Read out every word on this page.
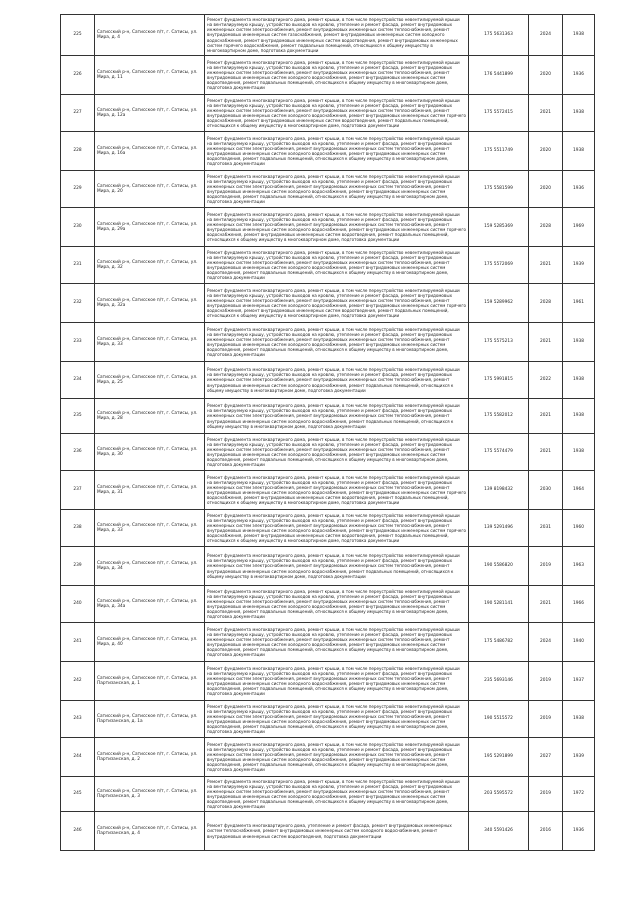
225	Сатисский р-н, Сатисское п/т, г. Сатисы, ул. Мира, д. 4	Ремонт фундамента многоквартирного дома, ремонт крыши, в том числе переустройство невентилируемой крыши на вентилируемую крышу, устройство выходов на кровлю, утепление и ремонт фасада, ремонт внутридомовых инженерных систем электроснабжения, ремонт внутридомовых инженерных систем теплоснабжения, ремонт внутридомовых инженерных систем газоснабжения, ремонт внутридомовых инженерных систем холодного водоснабжения, ремонт внутридомовых инженерных систем водоотведения, ремонт внутридомовых инженерных систем горячего водоснабжения, ремонт подвальных помещений, относящихся к общему имуществу в многоквартирном доме, подготовка документации	175 5631363	2024	1938
226	Сатисский р-н, Сатисское п/т, г. Сатисы, ул. Мира, д. 11	Ремонт фундамента многоквартирного дома, ремонт крыши, в том числе переустройство невентилируемой крыши на вентилируемую крышу, устройство выходов на кровлю, утепление и ремонт фасада, ремонт внутридомовых инженерных систем электроснабжения, ремонт внутридомовых инженерных систем теплоснабжения, ремонт внутридомовых инженерных систем холодного водоснабжения, ремонт внутридомовых инженерных систем водоотведения, ремонт подвальных помещений, относящихся к общему имуществу в многоквартирном доме, подготовка документации	176 5441899	2020	1936
227	Сатисский р-н, Сатисское п/т, г. Сатисы, ул. Мира, д. 12а	Ремонт фундамента многоквартирного дома, ремонт крыши, в том числе переустройство невентилируемой крыши на вентилируемую крышу, устройство выходов на кровлю, утепление и ремонт фасада, ремонт внутридомовых инженерных систем электроснабжения, ремонт внутридомовых инженерных систем теплоснабжения, ремонт внутридомовых инженерных систем холодного водоснабжения, ремонт внутридомовых инженерных систем горячего водоснабжения, ремонт внутридомовых инженерных систем водоотведения, ремонт подвальных помещений, относящихся к общему имуществу в многоквартирном доме, подготовка документации	175 5572415	2021	1938
228	Сатисский р-н, Сатисское п/т, г. Сатисы, ул. Мира, д. 16а	Ремонт фундамента многоквартирного дома, ремонт крыши, в том числе переустройство невентилируемой крыши на вентилируемую крышу, устройство выходов на кровлю, утепление и ремонт фасада, ремонт внутридомовых инженерных систем электроснабжения, ремонт внутридомовых инженерных систем теплоснабжения, ремонт внутридомовых инженерных систем холодного водоснабжения, ремонт внутридомовых инженерных систем водоотведения, ремонт подвальных помещений, относящихся к общему имуществу в многоквартирном доме, подготовка документации	175 5511749	2020	1938
229	Сатисский р-н, Сатисское п/т, г. Сатисы, ул. Мира, д. 20	Ремонт фундамента многоквартирного дома, ремонт крыши, в том числе переустройство невентилируемой крыши на вентилируемую крышу, устройство выходов на кровлю, утепление и ремонт фасада, ремонт внутридомовых инженерных систем электроснабжения, ремонт внутридомовых инженерных систем теплоснабжения, ремонт внутридомовых инженерных систем холодного водоснабжения, ремонт внутридомовых инженерных систем водоотведения, ремонт подвальных помещений, относящихся к общему имуществу в многоквартирном доме, подготовка документации	175 5581599	2020	1936
230	Сатисский р-н, Сатисское п/т, г. Сатисы, ул. Мира, д. 29а	Ремонт фундамента многоквартирного дома, ремонт крыши, в том числе переустройство невентилируемой крыши на вентилируемую крышу, устройство выходов на кровлю, утепление и ремонт фасада, ремонт внутридомовых инженерных систем электроснабжения, ремонт внутридомовых инженерных систем теплоснабжения, ремонт внутридомовых инженерных систем холодного водоснабжения, ремонт внутридомовых инженерных систем горячего водоснабжения, ремонт внутридомовых инженерных систем водоотведения, ремонт подвальных помещений, относящихся к общему имуществу в многоквартирном доме, подготовка документации	159 5285369	2028	1969
231	Сатисский р-н, Сатисское п/т, г. Сатисы, ул. Мира, д. 32	Ремонт фундамента многоквартирного дома, ремонт крыши, в том числе переустройство невентилируемой крыши на вентилируемую крышу, устройство выходов на кровлю, утепление и ремонт фасада, ремонт внутридомовых инженерных систем электроснабжения, ремонт внутридомовых инженерных систем теплоснабжения, ремонт внутридомовых инженерных систем холодного водоснабжения, ремонт внутридомовых инженерных систем водоотведения, ремонт подвальных помещений, относящихся к общему имуществу в многоквартирном доме, подготовка документации	175 5572069	2021	1939
232	Сатисский р-н, Сатисское п/т, г. Сатисы, ул. Мира, д. 32а	Ремонт фундамента многоквартирного дома, ремонт крыши, в том числе переустройство невентилируемой крыши на вентилируемую крышу, устройство выходов на кровлю, утепление и ремонт фасада, ремонт внутридомовых инженерных систем электроснабжения, ремонт внутридомовых инженерных систем теплоснабжения, ремонт внутридомовых инженерных систем холодного водоснабжения, ремонт внутридомовых инженерных систем горячего водоснабжения, ремонт внутридомовых инженерных систем водоотведения, ремонт подвальных помещений, относящихся к общему имуществу в многоквартирном доме, подготовка документации	159 5289962	2028	1961
233	Сатисский р-н, Сатисское п/т, г. Сатисы, ул. Мира, д. 33	Ремонт фундамента многоквартирного дома, ремонт крыши, в том числе переустройство невентилируемой крыши на вентилируемую крышу, устройство выходов на кровлю, утепление и ремонт фасада, ремонт внутридомовых инженерных систем электроснабжения, ремонт внутридомовых инженерных систем теплоснабжения, ремонт внутридомовых инженерных систем холодного водоснабжения, ремонт внутридомовых инженерных систем водоотведения, ремонт подвальных помещений, относящихся к общему имуществу в многоквартирном доме, подготовка документации	175 5575213	2021	1938
234	Сатисский р-н, Сатисское п/т, г. Сатисы, ул. Мира, д. 25	Ремонт фундамента многоквартирного дома, ремонт крыши, в том числе переустройство невентилируемой крыши на вентилируемую крышу, устройство выходов на кровлю, утепление и ремонт фасада, ремонт внутридомовых инженерных систем электроснабжения, ремонт внутридомовых инженерных систем теплоснабжения, ремонт внутридомовых инженерных систем холодного водоснабжения, ремонт подвальных помещений, относящихся к общему имуществу в многоквартирном доме, подготовка документации	175 5991815	2022	1938
235	Сатисский р-н, Сатисское п/т, г. Сатисы, ул. Мира, д. 28	Ремонт фундамента многоквартирного дома, ремонт крыши, в том числе переустройство невентилируемой крыши на вентилируемую крышу, устройство выходов на кровлю, утепление и ремонт фасада, ремонт внутридомовых инженерных систем электроснабжения, ремонт внутридомовых инженерных систем теплоснабжения, ремонт внутридомовых инженерных систем холодного водоснабжения, ремонт подвальных помещений, относящихся к общему имуществу в многоквартирном доме, подготовка документации	175 5582012	2021	1938
236	Сатисский р-н, Сатисское п/т, г. Сатисы, ул. Мира, д. 30	Ремонт фундамента многоквартирного дома, ремонт крыши, в том числе переустройство невентилируемой крыши на вентилируемую крышу, устройство выходов на кровлю, утепление и ремонт фасада, ремонт внутридомовых инженерных систем электроснабжения, ремонт внутридомовых инженерных систем теплоснабжения, ремонт внутридомовых инженерных систем холодного водоснабжения, ремонт внутридомовых инженерных систем водоотведения, ремонт подвальных помещений, относящихся к общему имуществу в многоквартирном доме, подготовка документации	175 5574479	2021	1938
237	Сатисский р-н, Сатисское п/т, г. Сатисы, ул. Мира, д. 31	Ремонт фундамента многоквартирного дома, ремонт крыши, в том числе переустройство невентилируемой крыши на вентилируемую крышу, устройство выходов на кровлю, утепление и ремонт фасада, ремонт внутридомовых инженерных систем электроснабжения, ремонт внутридомовых инженерных систем теплоснабжения, ремонт внутридомовых инженерных систем холодного водоснабжения, ремонт внутридомовых инженерных систем горячего водоснабжения, ремонт внутридомовых инженерных систем водоотведения, ремонт подвальных помещений, относящихся к общему имуществу в многоквартирном доме, подготовка документации	139 8198432	2030	1964
238	Сатисский р-н, Сатисское п/т, г. Сатисы, ул. Мира, д. 33	Ремонт фундамента многоквартирного дома, ремонт крыши, в том числе переустройство невентилируемой крыши на вентилируемую крышу, устройство выходов на кровлю, утепление и ремонт фасада, ремонт внутридомовых инженерных систем электроснабжения, ремонт внутридомовых инженерных систем теплоснабжения, ремонт внутридомовых инженерных систем холодного водоснабжения, ремонт внутридомовых инженерных систем горячего водоснабжения, ремонт внутридомовых инженерных систем водоотведения, ремонт подвальных помещений, относящихся к общему имуществу в многоквартирном доме, подготовка документации	139 5291496	2031	1960
239	Сатисский р-н, Сатисское п/т, г. Сатисы, ул. Мира, д. 34	Ремонт фундамента многоквартирного дома, ремонт крыши, в том числе переустройство невентилируемой крыши на вентилируемую крышу, устройство выходов на кровлю, утепление и ремонт фасада, ремонт внутридомовых инженерных систем электроснабжения, ремонт внутридомовых инженерных систем теплоснабжения, ремонт внутридомовых инженерных систем холодного водоснабжения, ремонт подвальных помещений, относящихся к общему имуществу в многоквартирном доме, подготовка документации	190 5586820	2019	1963
240	Сатисский р-н, Сатисское п/т, г. Сатисы, ул. Мира, д. 34а	Ремонт фундамента многоквартирного дома, ремонт крыши, в том числе переустройство невентилируемой крыши на вентилируемую крышу, устройство выходов на кровлю, утепление и ремонт фасада, ремонт внутридомовых инженерных систем электроснабжения, ремонт внутридомовых инженерных систем теплоснабжения, ремонт внутридомовых инженерных систем холодного водоснабжения, ремонт внутридомовых инженерных систем водоотведения, ремонт подвальных помещений, относящихся к общему имуществу в многоквартирном доме, подготовка документации	190 5281141	2021	1966
241	Сатисский р-н, Сатисское п/т, г. Сатисы, ул. Мира, д. 40	Ремонт фундамента многоквартирного дома, ремонт крыши, в том числе переустройство невентилируемой крыши на вентилируемую крышу, устройство выходов на кровлю, утепление и ремонт фасада, ремонт внутридомовых инженерных систем электроснабжения, ремонт внутридомовых инженерных систем теплоснабжения, ремонт внутридомовых инженерных систем холодного водоснабжения, ремонт внутридомовых инженерных систем водоотведения, ремонт подвальных помещений, относящихся к общему имуществу в многоквартирном доме, подготовка документации	175 5486782	2024	1940
242	Сатисский р-н, Сатисское п/т, г. Сатисы, ул. Партизанская, д. 1	Ремонт фундамента многоквартирного дома, ремонт крыши, в том числе переустройство невентилируемой крыши на вентилируемую крышу, устройство выходов на кровлю, утепление и ремонт фасада, ремонт внутридомовых инженерных систем электроснабжения, ремонт внутридомовых инженерных систем теплоснабжения, ремонт внутридомовых инженерных систем холодного водоснабжения, ремонт внутридомовых инженерных систем водоотведения, ремонт подвальных помещений, относящихся к общему имуществу в многоквартирном доме, подготовка документации	235 5693146	2019	1937
243	Сатисский р-н, Сатисское п/т, г. Сатисы, ул. Партизанская, д. 1а	Ремонт фундамента многоквартирного дома, ремонт крыши, в том числе переустройство невентилируемой крыши на вентилируемую крышу, устройство выходов на кровлю, утепление и ремонт фасада, ремонт внутридомовых инженерных систем электроснабжения, ремонт внутридомовых инженерных систем теплоснабжения, ремонт внутридомовых инженерных систем холодного водоснабжения, ремонт внутридомовых инженерных систем водоотведения, ремонт подвальных помещений, относящихся к общему имуществу в многоквартирном доме, подготовка документации	190 5515572	2019	1938
244	Сатисский р-н, Сатисское п/т, г. Сатисы, ул. Партизанская, д. 2	Ремонт фундамента многоквартирного дома, ремонт крыши, в том числе переустройство невентилируемой крыши на вентилируемую крышу, устройство выходов на кровлю, утепление и ремонт фасада, ремонт внутридомовых инженерных систем электроснабжения, ремонт внутридомовых инженерных систем теплоснабжения, ремонт внутридомовых инженерных систем холодного водоснабжения, ремонт внутридомовых инженерных систем водоотведения, ремонт подвальных помещений, относящихся к общему имуществу в многоквартирном доме, подготовка документации	195 5291899	2027	1939
245	Сатисский р-н, Сатисское п/т, г. Сатисы, ул. Партизанская, д. 3	Ремонт фундамента многоквартирного дома, ремонт крыши, в том числе переустройство невентилируемой крыши на вентилируемую крышу, устройство выходов на кровлю, утепление и ремонт фасада, ремонт внутридомовых инженерных систем электроснабжения, ремонт внутридомовых инженерных систем теплоснабжения, ремонт внутридомовых инженерных систем холодного водоснабжения, ремонт внутридомовых инженерных систем водоотведения, ремонт подвальных помещений, относящихся к общему имуществу в многоквартирном доме, подготовка документации	203 5595572	2019	1972
246	Сатисский р-н, Сатисское п/т, г. Сатисы, ул. Партизанская, д. 4	Ремонт фундамента многоквартирного дома, утепление и ремонт фасада, ремонт внутридомовых инженерных систем теплоснабжения, ремонт внутридомовых инженерных систем холодного водоснабжения, ремонт внутридомовых инженерных систем водоотведения, подготовка документации	340 5591426	2016	1936
